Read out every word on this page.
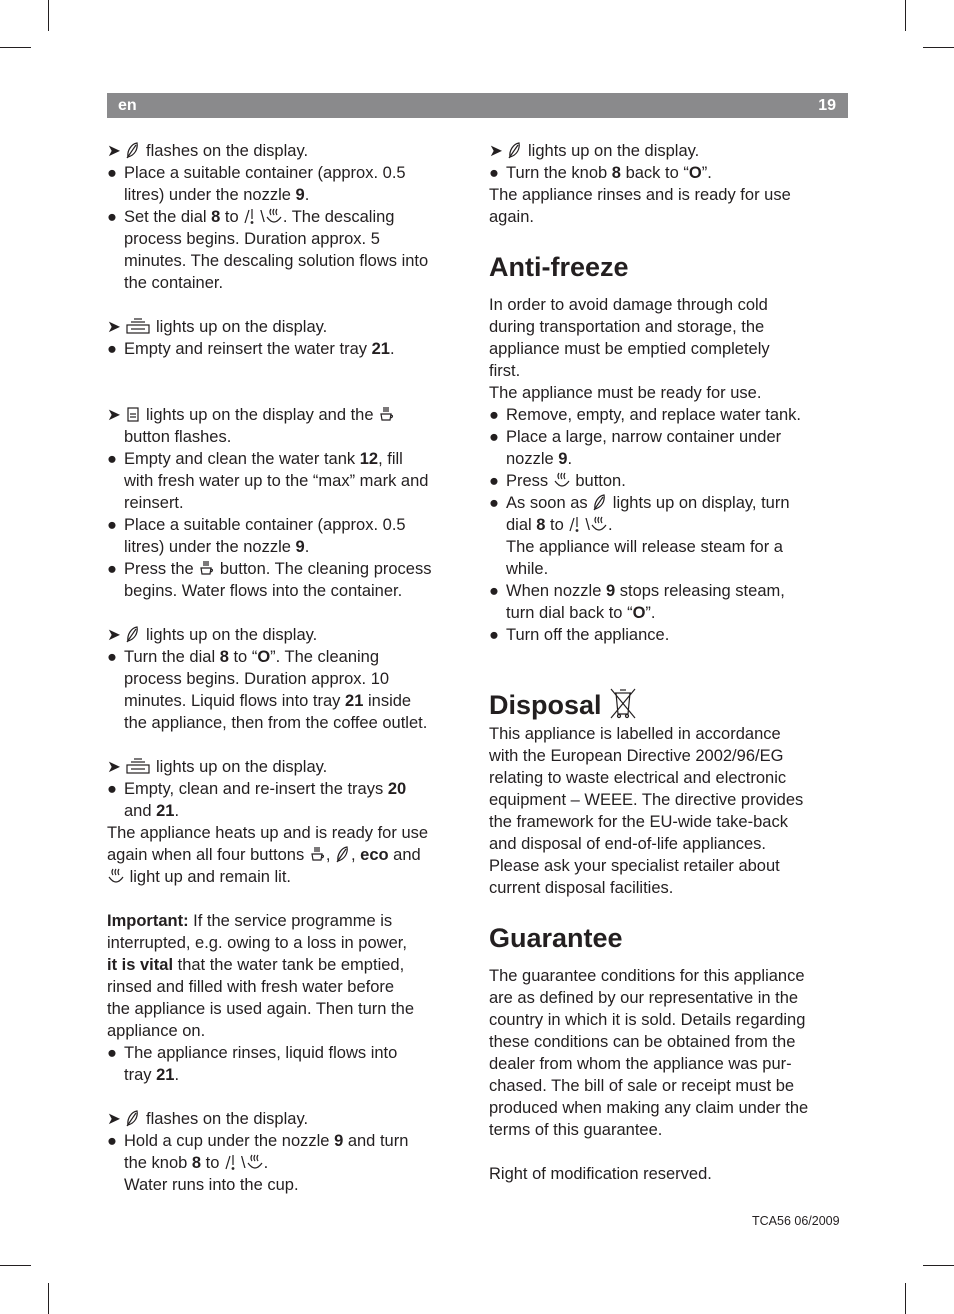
en	19
➤ flashes on the display.
● Place a suitable container (approx. 0.5
litres) under the nozzle 9.
● Set the dial 8 to \ . The descaling
process begins. Duration approx. 5
minutes. The descaling solution flows into
the container.
➤ lights up on the display.
● Empty and reinsert the water tray 21.
➤ lights up on the display and the
button flashes.
● Empty and clean the water tank 12, fill
with fresh water up to the “max” mark and
reinsert.
● Place a suitable container (approx. 0.5
litres) under the nozzle 9.
● Press the  button. The cleaning process
begins. Water flows into the container.
➤ lights up on the display.
● Turn the dial 8 to “O”. The cleaning
process begins. Duration approx. 10
minutes. Liquid flows into tray 21 inside
the appliance, then from the coffee outlet.
➤ lights up on the display.
● Empty, clean and re-insert the trays 20
and 21.
The appliance heats up and is ready for use
again when all four buttons , , eco and
light up and remain lit.
Important: If the service programme is
interrupted, e.g. owing to a loss in power,
it is vital that the water tank be emptied,
rinsed and filled with fresh water before
the appliance is used again. Then turn the
appliance on.
● The appliance rinses, liquid flows into
tray 21.
➤ flashes on the display.
● Hold a cup under the nozzle 9 and turn
the knob 8 to \ .
Water runs into the cup.
➤ lights up on the display.
● Turn the knob 8 back to “O”.
The appliance rinses and is ready for use
again.
Anti-freeze
In order to avoid damage through cold
during transportation and storage, the
appliance must be emptied completely
first.
The appliance must be ready for use.
● Remove, empty, and replace water tank.
● Place a large, narrow container under
nozzle 9.
● Press  button.
● As soon as  lights up on display, turn
dial 8 to \ .
The appliance will release steam for a
while.
● When nozzle 9 stops releasing steam,
turn dial back to “O”.
● Turn off the appliance.
Disposal
This appliance is labelled in accordance
with the European Directive 2002/96/EG
relating to waste electrical and electronic
equipment – WEEE. The directive provides
the framework for the EU-wide take-back
and disposal of end-of-life appliances.
Please ask your specialist retailer about
current disposal facilities.
Guarantee
The guarantee conditions for this appliance
are as defined by our representative in the
country in which it is sold. Details regarding
these conditions can be obtained from the
dealer from whom the appliance was pur-
chased. The bill of sale or receipt must be
produced when making any claim under the
terms of this guarantee.
Right of modification reserved.
TCA56 06/2009
